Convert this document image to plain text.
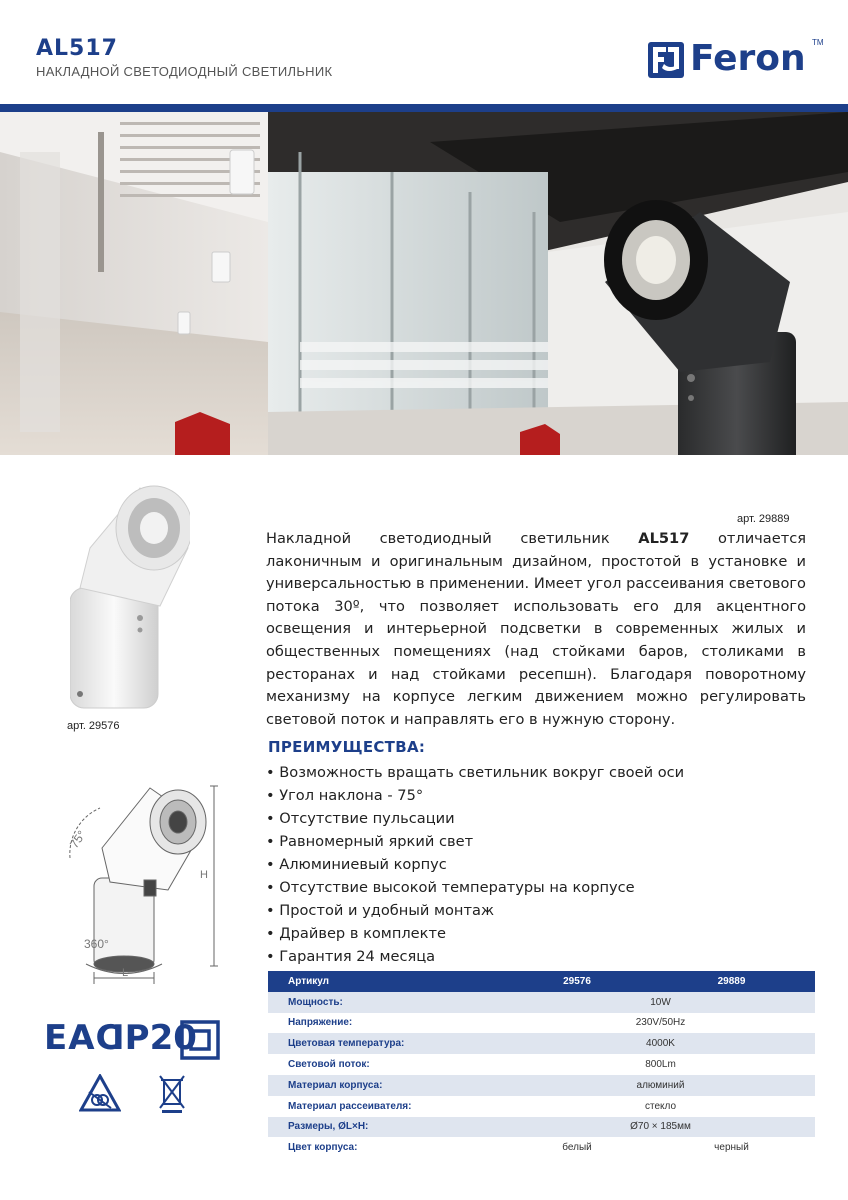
AL517
НАКЛАДНОЙ СВЕТОДИОДНЫЙ СВЕТИЛЬНИК	Feron TM
арт. 29889
арт. 29576
Накладной светодиодный светильник AL517 отличается лаконичным и оригинальным дизайном, простотой в установке и универсальностью в применении. Имеет угол рассеивания светового потока 30º, что позволяет использовать его для акцентного освещения и интерьерной подсветки в современных жилых и общественных помещениях (над стойками баров, столиками в ресторанах и над стойками ресепшн). Благодаря поворотному механизму на корпусе легким движением можно регулировать световой поток и направлять его в нужную сторону.
ПРЕИМУЩЕСТВА:
• Возможность вращать светильник вокруг своей оси
• Угол наклона - 75°
• Отсутствие пульсации
• Равномерный яркий свет
• Алюминиевый корпус
• Отсутствие высокой температуры на корпусе
• Простой и удобный монтаж
• Драйвер в комплекте
• Гарантия 24 месяца
75°
360°
H
L
EAC
IP20
Артикул	29576	29889
Мощность:	10W	
Напряжение:	230V/50Hz	
Цветовая температура:	4000K	
Световой поток:	800Lm	
Материал корпуса:	алюминий	
Материал рассеивателя:	стекло	
Размеры, ØL×H:	Ø70 × 185мм	
Цвет корпуса:	белый	черный
